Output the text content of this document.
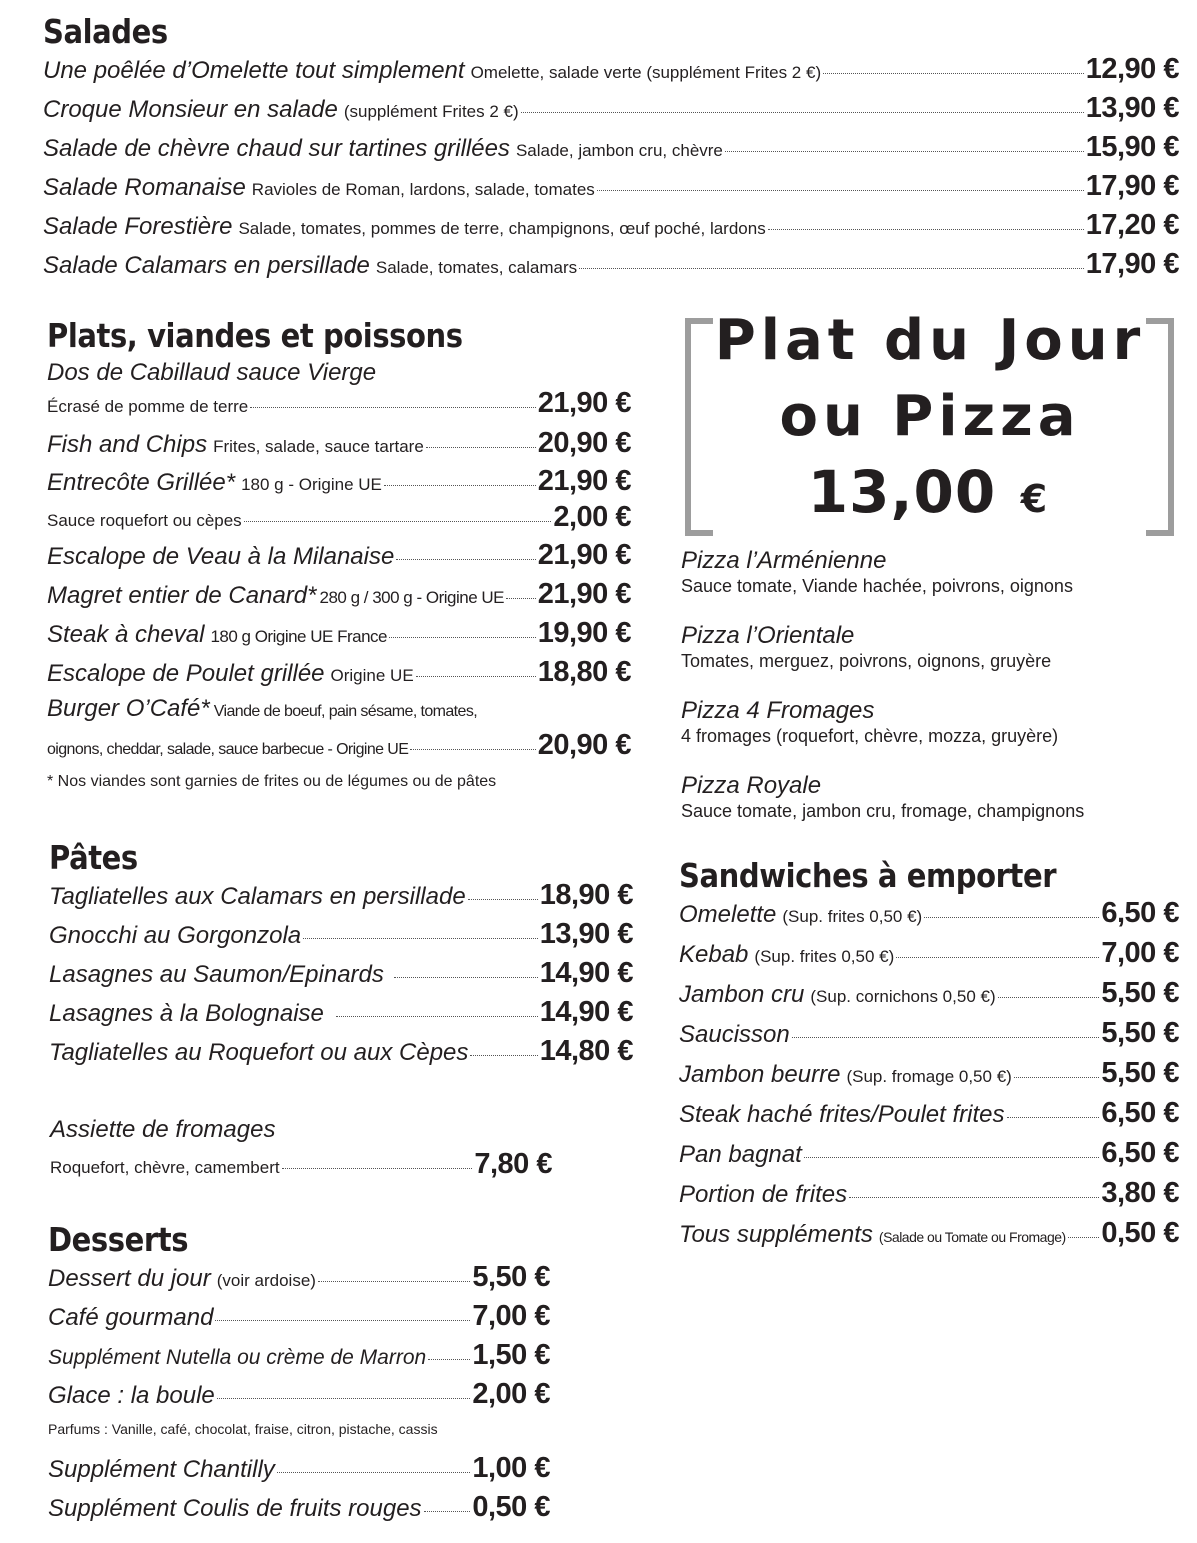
Salades
Une poêlée d’Omelette tout simplement Omelette, salade verte (supplément Frites 2 €)	12,90 €
Croque Monsieur en salade (supplément Frites 2 €)	13,90 €
Salade de chèvre chaud sur tartines grillées Salade, jambon cru, chèvre	15,90 €
Salade Romanaise Ravioles de Roman, lardons, salade, tomates	17,90 €
Salade Forestière Salade, tomates, pommes de terre, champignons, œuf poché, lardons	17,20 €
Salade Calamars en persillade Salade, tomates, calamars	17,90 €
Plats, viandes et poissons
Dos de Cabillaud sauce Vierge
Écrasé de pomme de terre	21,90 €
Fish and Chips Frites, salade, sauce tartare	20,90 €
Entrecôte Grillée* 180 g - Origine UE	21,90 €
Sauce roquefort ou cèpes	2,00 €
Escalope de Veau à la Milanaise	21,90 €
Magret entier de Canard* 280 g / 300 g - Origine UE 21,90 €
Steak à cheval 180 g Origine UE France	19,90 €
Escalope de Poulet grillée Origine UE	18,80 €
Burger O’Café* Viande de boeuf, pain sésame, tomates,
oignons, cheddar, salade, sauce barbecue - Origine UE	20,90 €
* Nos viandes sont garnies de frites ou de légumes ou de pâtes
Pâtes
Tagliatelles aux Calamars en persillade	18,90 €
Gnocchi au Gorgonzola	13,90 €
Lasagnes au Saumon/Epinards	14,90 €
Lasagnes à la Bolognaise	14,90 €
Tagliatelles au Roquefort ou aux Cèpes 14,80 €
Assiette de fromages
Roquefort, chèvre, camembert	7,80 €
Desserts
Dessert du jour (voir ardoise)	5,50 €
Café gourmand	7,00 €
Supplément Nutella ou crème de Marron 1,50 €
Glace : la boule	2,00 €
Parfums : Vanille, café, chocolat, fraise, citron, pistache, cassis
Supplément Chantilly	1,00 €
Supplément Coulis de fruits rouges 0,50 €
Plat du Jour
ou Pizza
13,00 €
Pizza l’Arménienne
Sauce tomate, Viande hachée, poivrons, oignons
Pizza l’Orientale
Tomates, merguez, poivrons, oignons, gruyère
Pizza 4 Fromages
4 fromages (roquefort, chèvre, mozza, gruyère)
Pizza Royale
Sauce tomate, jambon cru, fromage, champignons
Sandwiches à emporter
Omelette (Sup. frites 0,50 €)	6,50 €
Kebab (Sup. frites 0,50 €)	7,00 €
Jambon cru (Sup. cornichons 0,50 €)	5,50 €
Saucisson	5,50 €
Jambon beurre (Sup. fromage 0,50 €)	5,50 €
Steak haché frites/Poulet frites	6,50 €
Pan bagnat	6,50 €
Portion de frites	3,80 €
Tous suppléments (Salade ou Tomate ou Fromage) 0,50 €
